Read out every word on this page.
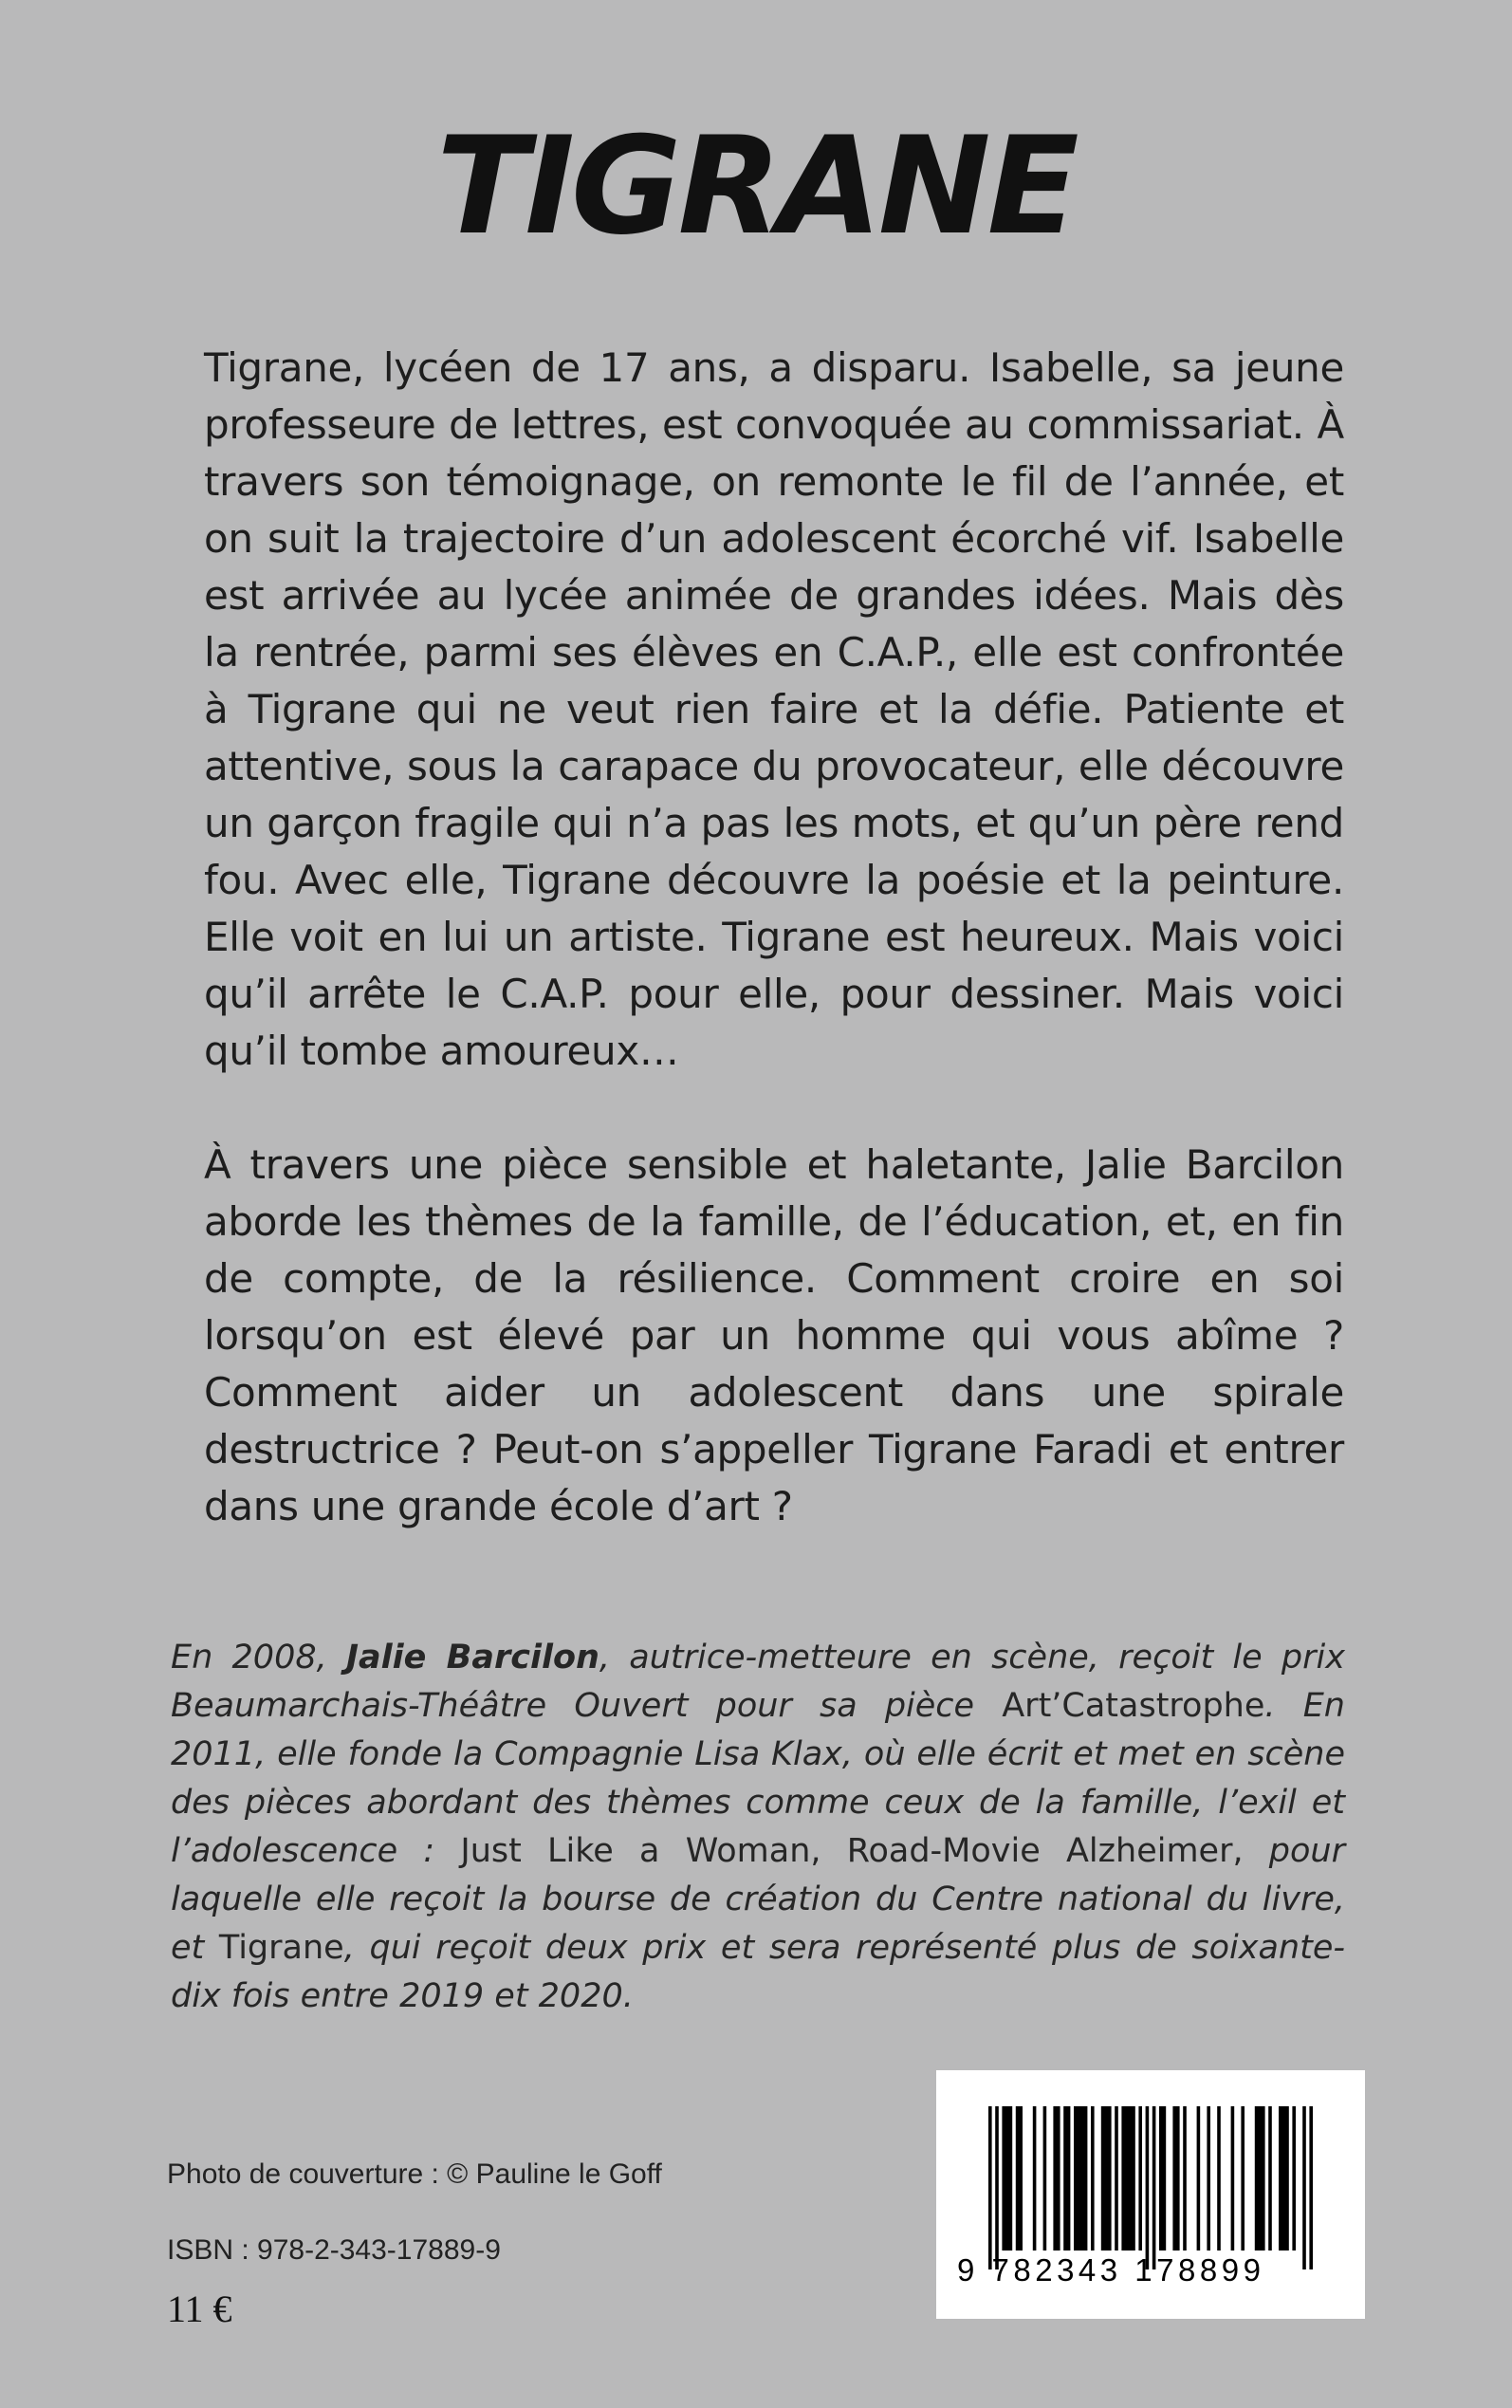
TIGRANE

Tigrane, lycéen de 17 ans, a disparu. Isabelle, sa jeune professeure de lettres, est convoquée au commissariat. À travers son témoignage, on remonte le fil de l’année, et on suit la trajectoire d’un adolescent écorché vif. Isabelle est arrivée au lycée animée de grandes idées. Mais dès la rentrée, parmi ses élèves en C.A.P., elle est confrontée à Tigrane qui ne veut rien faire et la défie. Patiente et attentive, sous la carapace du provocateur, elle découvre un garçon fragile qui n’a pas les mots, et qu’un père rend fou. Avec elle, Tigrane découvre la poésie et la peinture. Elle voit en lui un artiste. Tigrane est heureux. Mais voici qu’il arrête le C.A.P. pour elle, pour dessiner. Mais voici qu’il tombe amoureux…

À travers une pièce sensible et haletante, Jalie Barcilon aborde les thèmes de la famille, de l’éducation, et, en fin de compte, de la résilience. Comment croire en soi lorsqu’on est élevé par un homme qui vous abîme ? Comment aider un adolescent dans une spirale destructrice ? Peut-on s’appeller Tigrane Faradi et entrer dans une grande école d’art ?

En 2008, Jalie Barcilon, autrice-metteure en scène, reçoit le prix Beaumarchais-Théâtre Ouvert pour sa pièce Art’Catastrophe. En 2011, elle fonde la Compagnie Lisa Klax, où elle écrit et met en scène des pièces abordant des thèmes comme ceux de la famille, l’exil et l’adolescence : Just Like a Woman, Road-Movie Alzheimer, pour laquelle elle reçoit la bourse de création du Centre national du livre, et Tigrane, qui reçoit deux prix et sera représenté plus de soixante-dix fois entre 2019 et 2020.
Photo de couverture : © Pauline le Goff
ISBN : 978-2-343-17889-9
11 €
9 782343 178899
